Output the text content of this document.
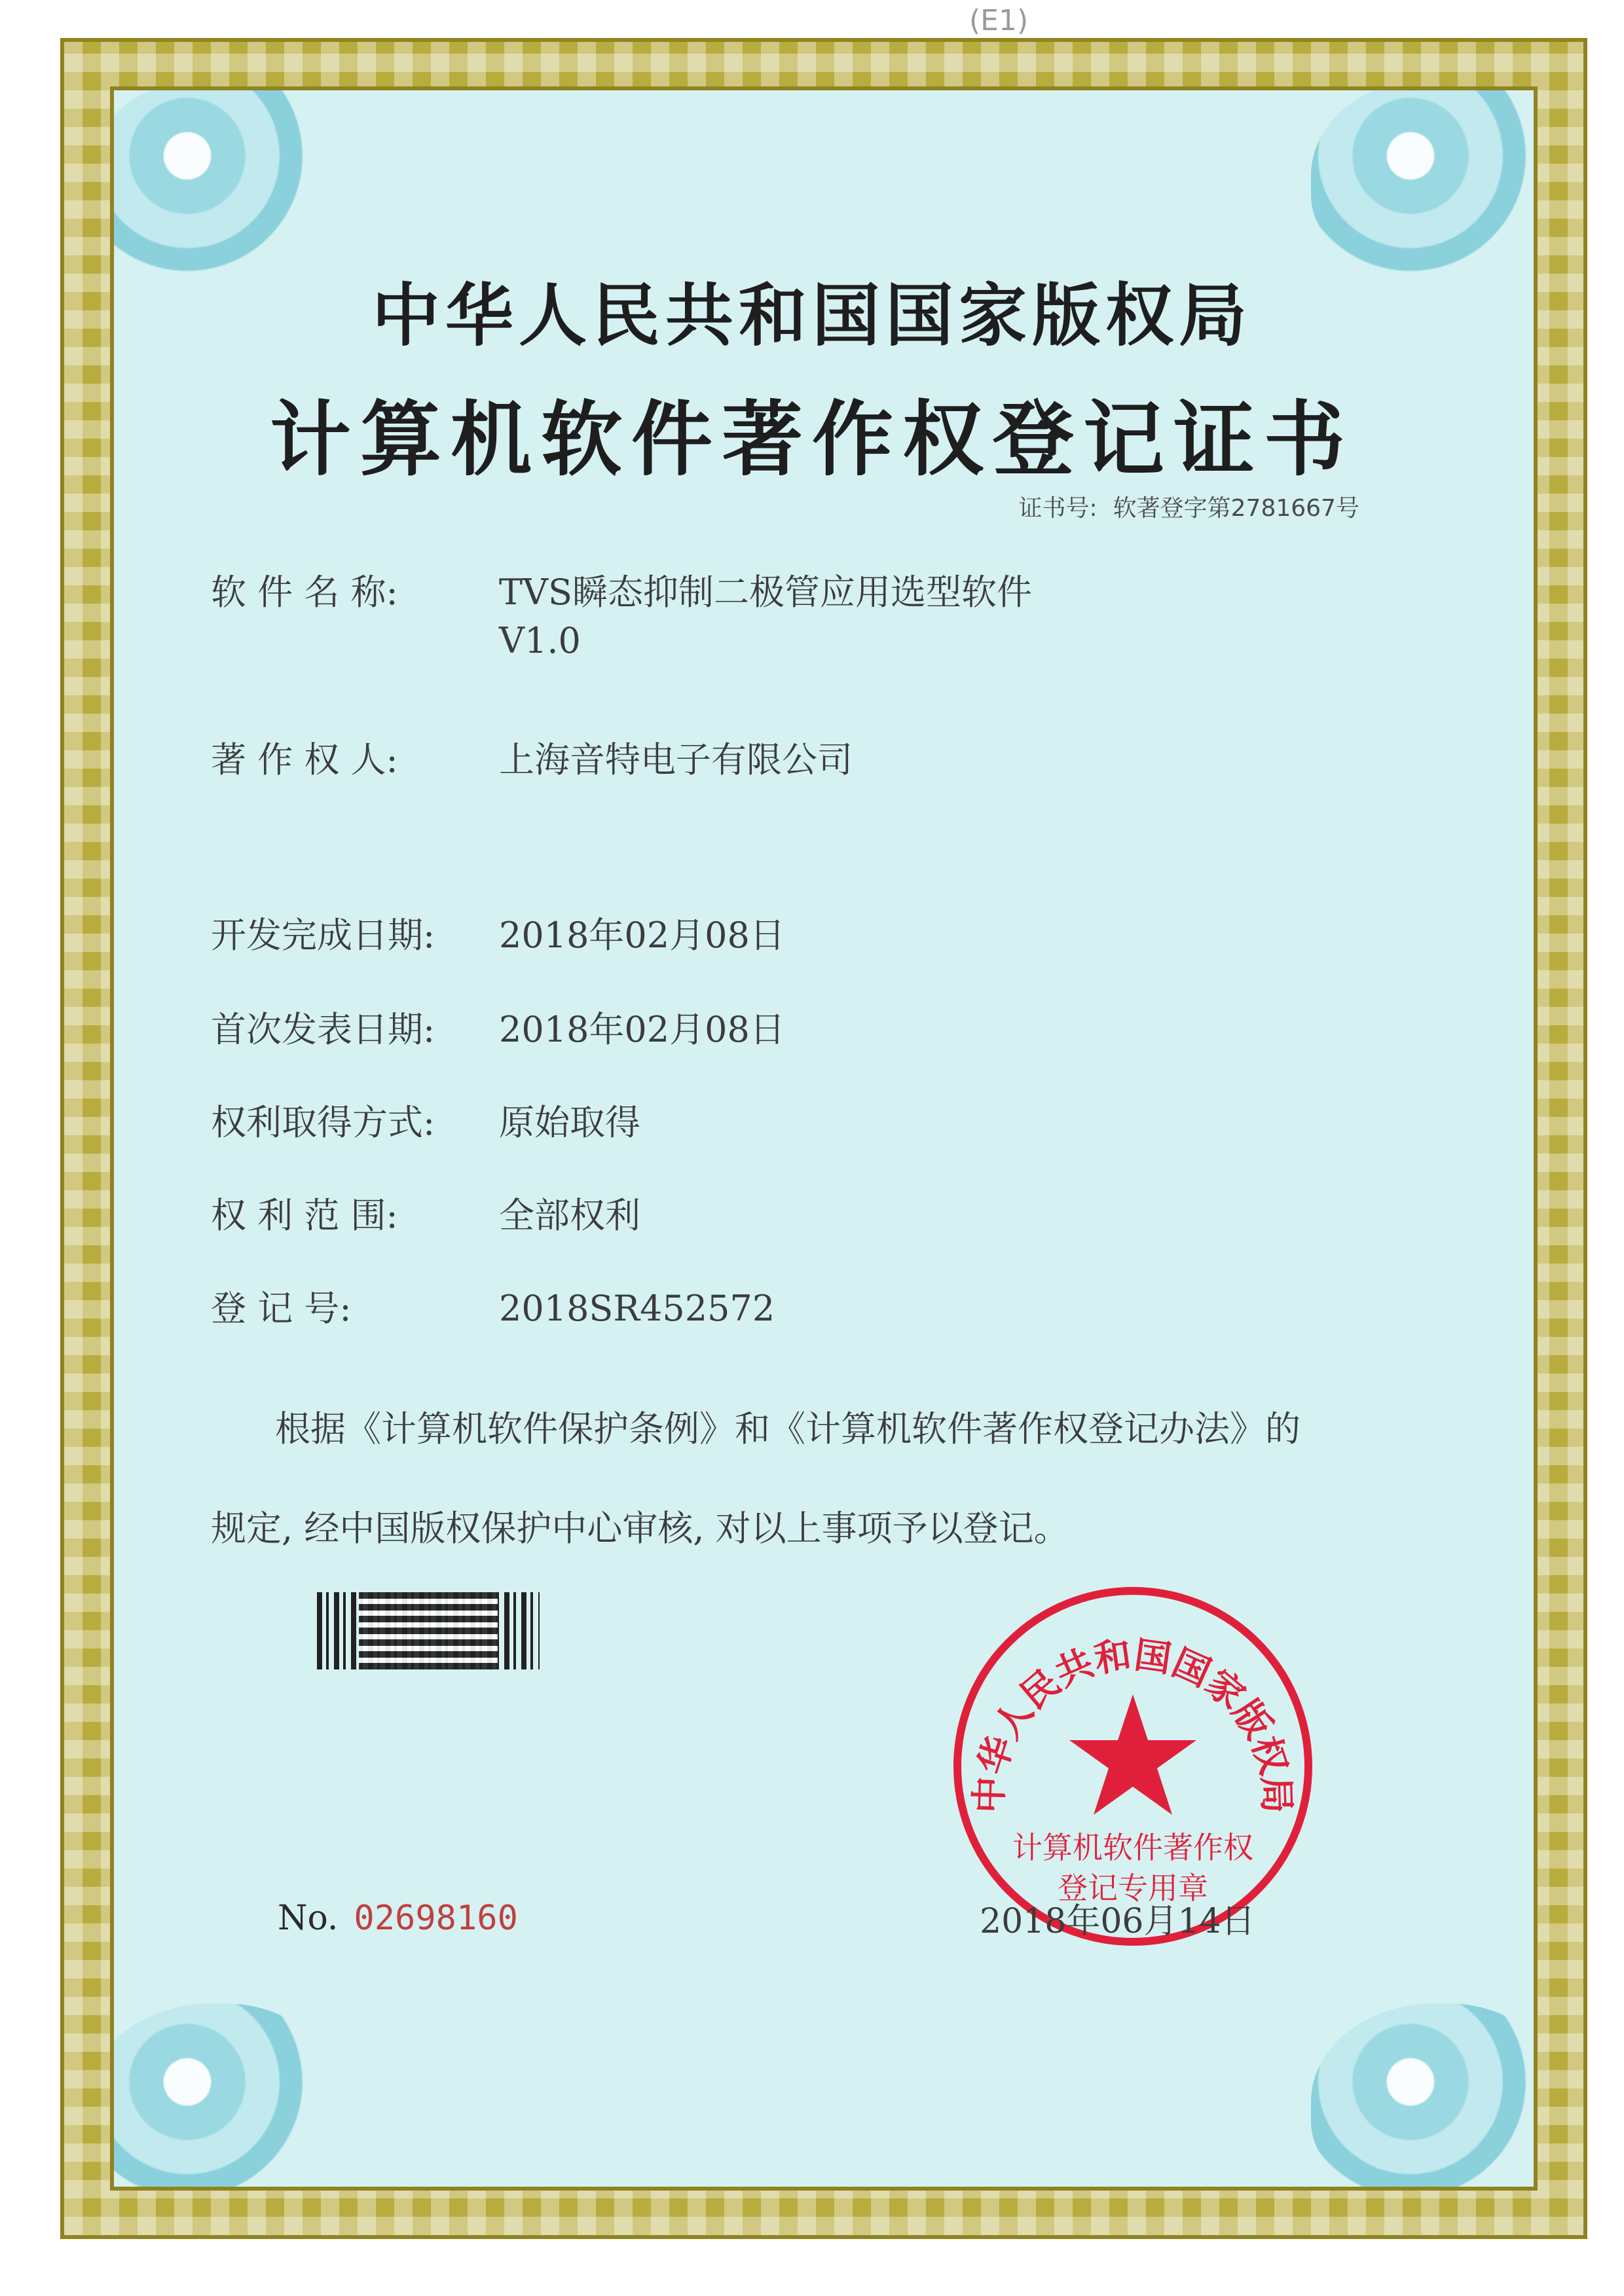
(E1)
中华人民共和国国家版权局
计算机软件著作权登记证书
证书号: 软著登字第2781667号
软 件 名 称:	TVS瞬态抑制二极管应用选型软件
V1.0
著 作 权 人:	上海音特电子有限公司
开发完成日期: 2018年02月08日
首次发表日期: 2018年02月08日
权利取得方式: 原始取得
权 利 范 围:	全部权利
登 记 号:	2018SR452572
根据《计算机软件保护条例》和《计算机软件著作权登记办法》的
规定, 经中国版权保护中心审核, 对以上事项予以登记。
中华人民共和国国家版权局
计算机软件著作权
登记专用章
No. 02698160	2018年06月14日
